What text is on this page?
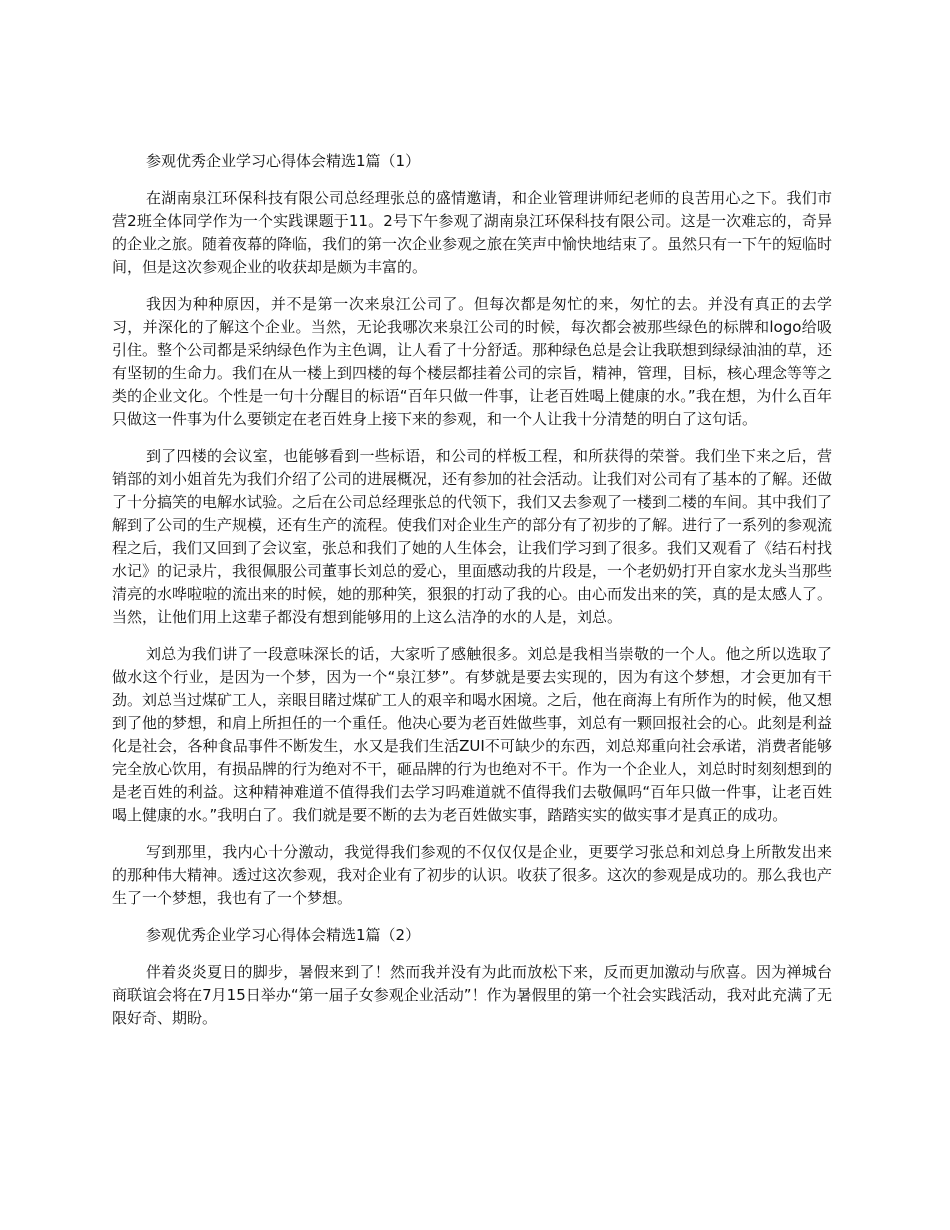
参观优秀企业学习心得体会精选1篇（1）

在湖南泉江环保科技有限公司总经理张总的盛情邀请，和企业管理讲师纪老师的良苦用心之下。我们市营2班全体同学作为一个实践课题于11。2号下午参观了湖南泉江环保科技有限公司。这是一次难忘的，奇异的企业之旅。随着夜幕的降临，我们的第一次企业参观之旅在笑声中愉快地结束了。虽然只有一下午的短临时间，但是这次参观企业的收获却是颇为丰富的。

我因为种种原因，并不是第一次来泉江公司了。但每次都是匆忙的来，匆忙的去。并没有真正的去学习，并深化的了解这个企业。当然，无论我哪次来泉江公司的时候，每次都会被那些绿色的标牌和logo给吸引住。整个公司都是采纳绿色作为主色调，让人看了十分舒适。那种绿色总是会让我联想到绿绿油油的草，还有坚韧的生命力。我们在从一楼上到四楼的每个楼层都挂着公司的宗旨，精神，管理，目标，核心理念等等之类的企业文化。个性是一句十分醒目的标语“百年只做一件事，让老百姓喝上健康的水。”我在想，为什么百年只做这一件事为什么要锁定在老百姓身上接下来的参观，和一个人让我十分清楚的明白了这句话。

到了四楼的会议室，也能够看到一些标语，和公司的样板工程，和所获得的荣誉。我们坐下来之后，营销部的刘小姐首先为我们介绍了公司的进展概况，还有参加的社会活动。让我们对公司有了基本的了解。还做了十分搞笑的电解水试验。之后在公司总经理张总的代领下，我们又去参观了一楼到二楼的车间。其中我们了解到了公司的生产规模，还有生产的流程。使我们对企业生产的部分有了初步的了解。进行了一系列的参观流程之后，我们又回到了会议室，张总和我们了她的人生体会，让我们学习到了很多。我们又观看了《结石村找水记》的记录片，我很佩服公司董事长刘总的爱心，里面感动我的片段是，一个老奶奶打开自家水龙头当那些清亮的水哗啦啦的流出来的时候，她的那种笑，狠狠的打动了我的心。由心而发出来的笑，真的是太感人了。当然，让他们用上这辈子都没有想到能够用的上这么洁净的水的人是，刘总。

刘总为我们讲了一段意味深长的话，大家听了感触很多。刘总是我相当崇敬的一个人。他之所以选取了做水这个行业，是因为一个梦，因为一个“泉江梦”。有梦就是要去实现的，因为有这个梦想，才会更加有干劲。刘总当过煤矿工人，亲眼目睹过煤矿工人的艰辛和喝水困境。之后，他在商海上有所作为的时候，他又想到了他的梦想，和肩上所担任的一个重任。他决心要为老百姓做些事，刘总有一颗回报社会的心。此刻是利益化是社会，各种食品事件不断发生，水又是我们生活ZUI不可缺少的东西，刘总郑重向社会承诺，消费者能够完全放心饮用，有损品牌的行为绝对不干，砸品牌的行为也绝对不干。作为一个企业人，刘总时时刻刻想到的是老百姓的利益。这种精神难道不值得我们去学习吗难道就不值得我们去敬佩吗“百年只做一件事，让老百姓喝上健康的水。”我明白了。我们就是要不断的去为老百姓做实事，踏踏实实的做实事才是真正的成功。

写到那里，我内心十分激动，我觉得我们参观的不仅仅仅是企业，更要学习张总和刘总身上所散发出来的那种伟大精神。透过这次参观，我对企业有了初步的认识。收获了很多。这次的参观是成功的。那么我也产生了一个梦想，我也有了一个梦想。

参观优秀企业学习心得体会精选1篇（2）

伴着炎炎夏日的脚步，暑假来到了！然而我并没有为此而放松下来，反而更加激动与欣喜。因为禅城台商联谊会将在7月15日举办“第一届子女参观企业活动”！作为暑假里的第一个社会实践活动，我对此充满了无限好奇、期盼。
